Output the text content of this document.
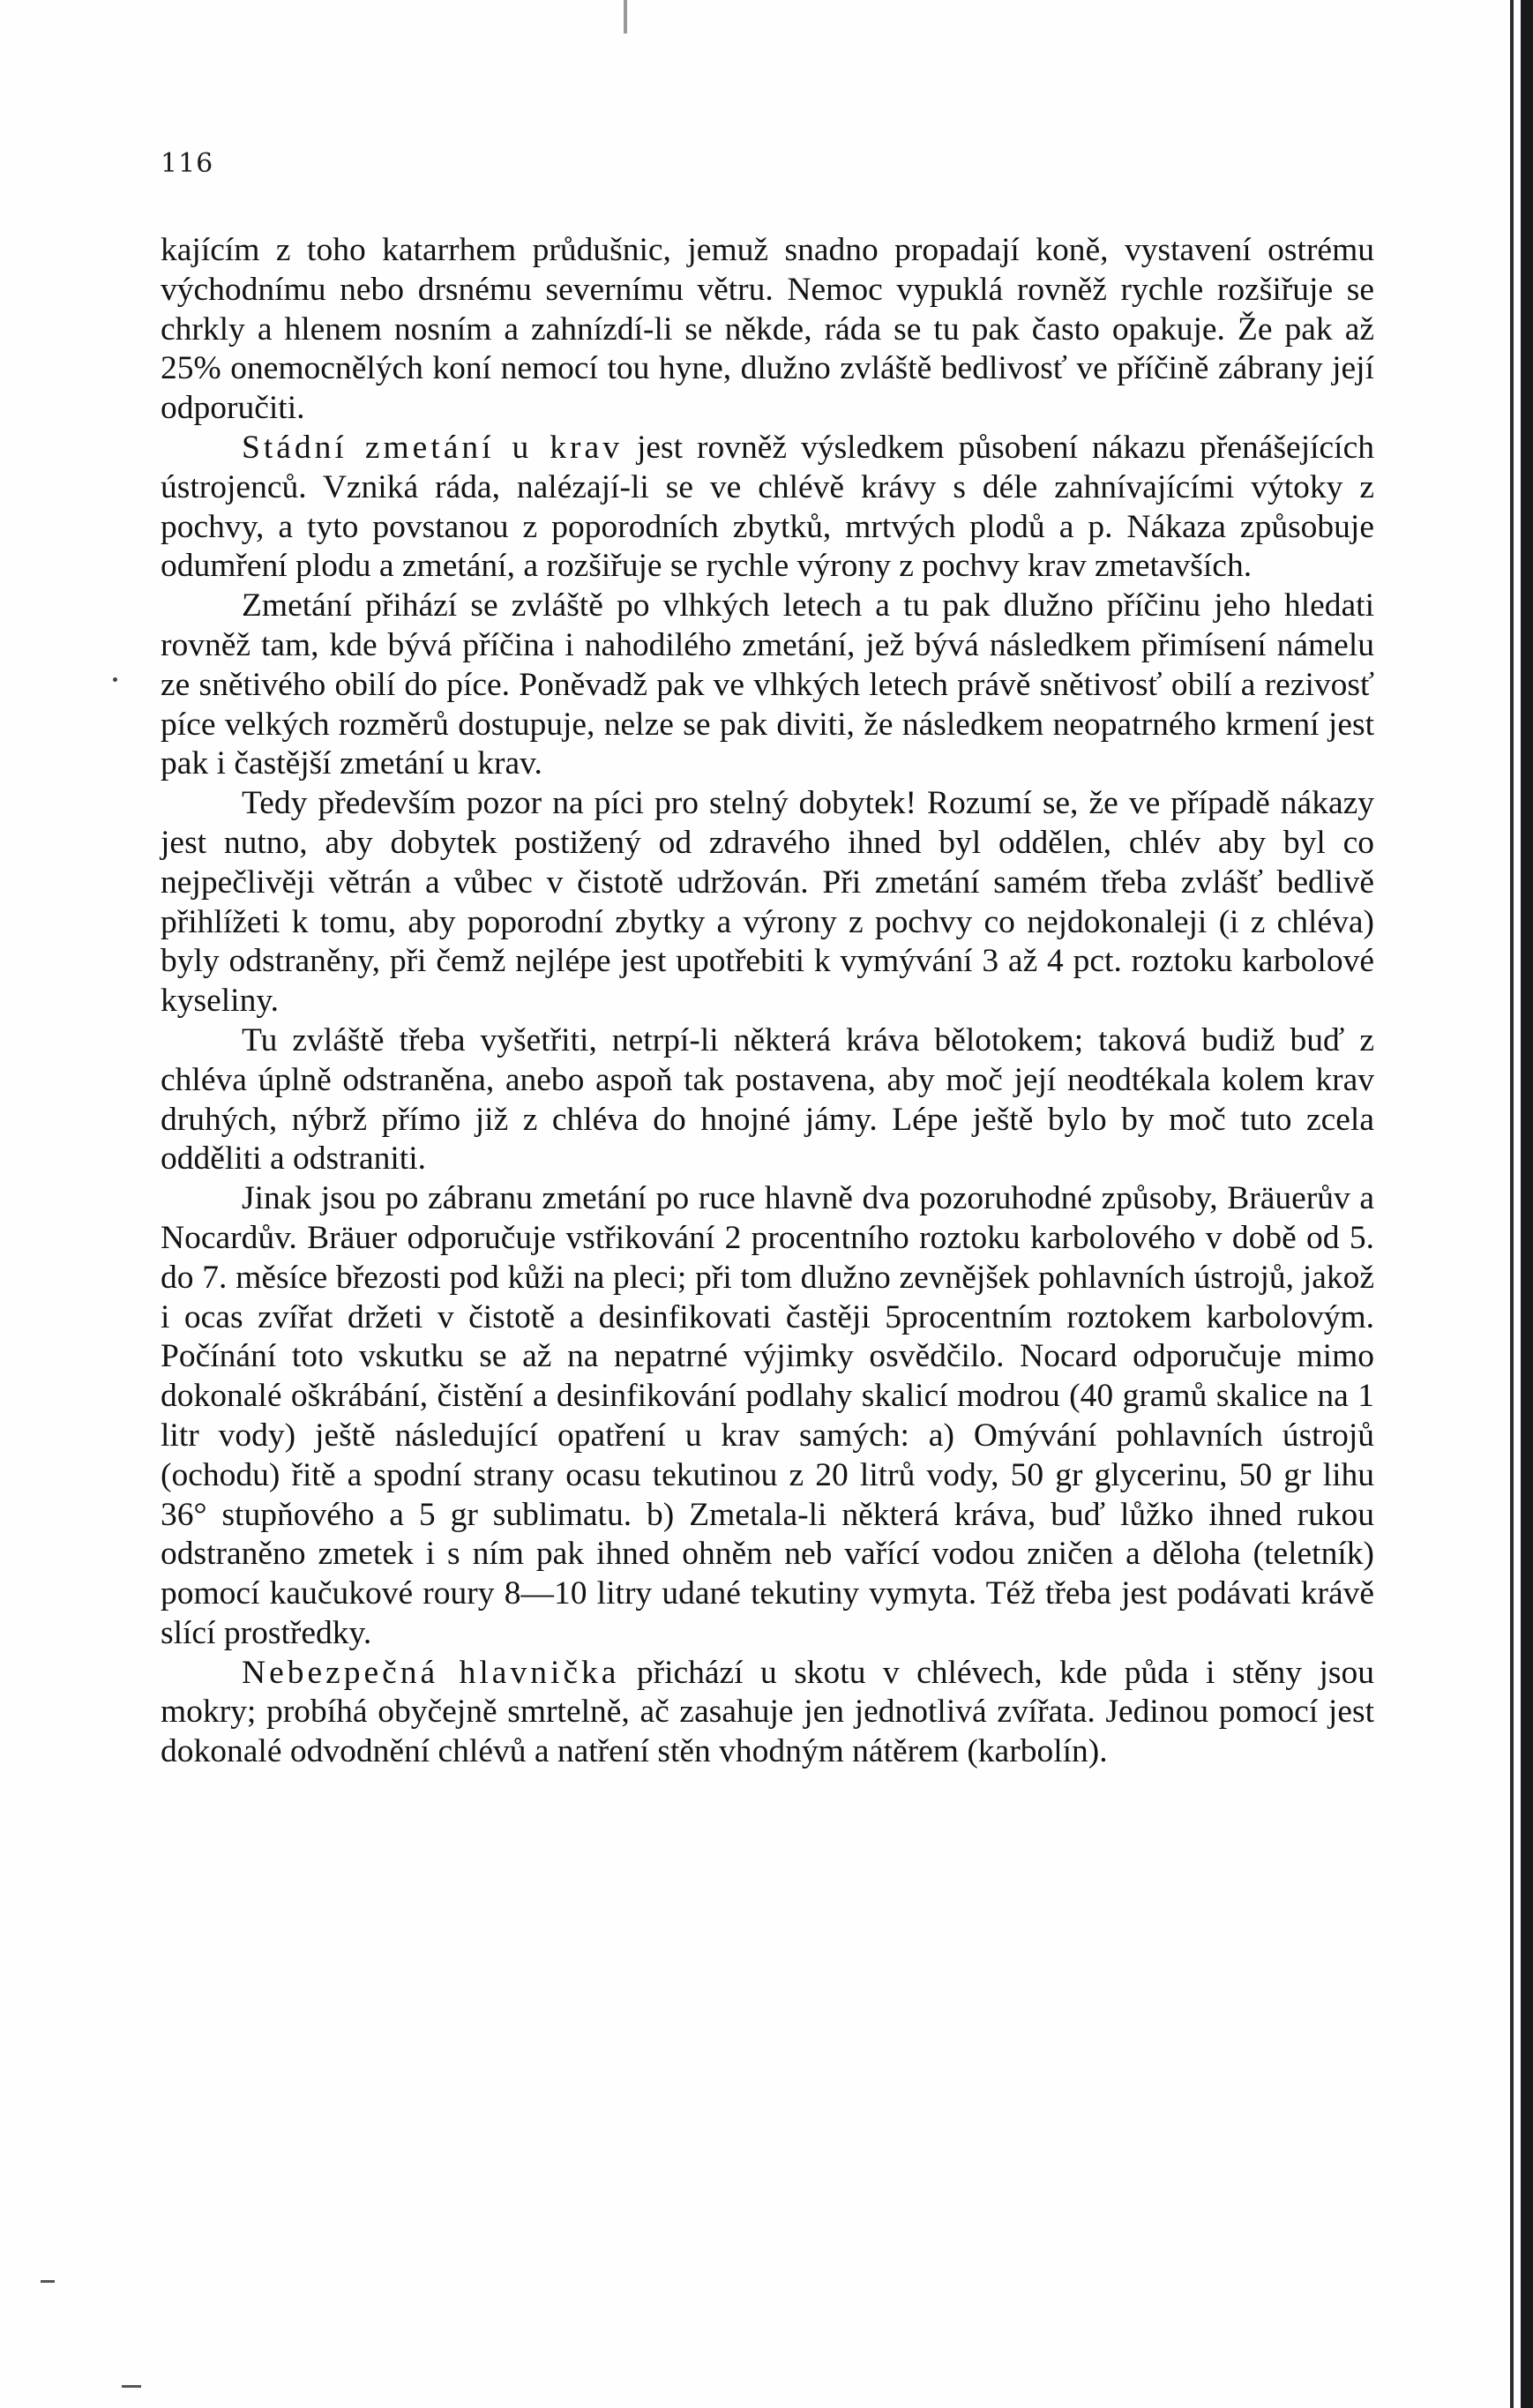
116

kajícím z toho katarrhem průdušnic, jemuž snadno propadají koně, vystavení ostrému východnímu nebo drsnému severnímu větru. Nemoc vypuklá rovněž rychle rozšiřuje se chrkly a hlenem nosním a zahnízdí-li se někde, ráda se tu pak často opakuje. Že pak až 25% onemocnělých koní nemocí tou hyne, dlužno zvláště bedlivosť ve příčině zábrany její odporučiti.

Stádní zmetání u krav jest rovněž výsledkem působení nákazu přenášejících ústrojenců. Vzniká ráda, nalézají-li se ve chlévě krávy s déle zahnívajícími výtoky z pochvy, a tyto povstanou z poporodních zbytků, mrtvých plodů a p. Nákaza způsobuje odumření plodu a zmetání, a rozšiřuje se rychle výrony z pochvy krav zmetavších.

Zmetání přihází se zvláště po vlhkých letech a tu pak dlužno příčinu jeho hledati rovněž tam, kde bývá příčina i nahodilého zmetání, jež bývá následkem přimísení námelu ze snětivého obilí do píce. Poněvadž pak ve vlhkých letech právě snětivosť obilí a rezivosť píce velkých rozměrů dostupuje, nelze se pak diviti, že následkem neopatrného krmení jest pak i častější zmetání u krav.

Tedy především pozor na píci pro stelný dobytek! Rozumí se, že ve případě nákazy jest nutno, aby dobytek postižený od zdravého ihned byl oddělen, chlév aby byl co nejpečlivěji větrán a vůbec v čistotě udržován. Při zmetání samém třeba zvlášť bedlivě přihlížeti k tomu, aby poporodní zbytky a výrony z pochvy co nejdokonaleji (i z chléva) byly odstraněny, při čemž nejlépe jest upotřebiti k vymývání 3 až 4 pct. roztoku karbolové kyseliny.

Tu zvláště třeba vyšetřiti, netrpí-li některá kráva bělotokem; taková budiž buď z chléva úplně odstraněna, anebo aspoň tak postavena, aby moč její neodtékala kolem krav druhých, nýbrž přímo již z chléva do hnojné jámy. Lépe ještě bylo by moč tuto zcela odděliti a odstraniti.

Jinak jsou po zábranu zmetání po ruce hlavně dva pozoruhodné způsoby, Bräuerův a Nocardův. Bräuer odporučuje vstřikování 2 procentního roztoku karbolového v době od 5. do 7. měsíce březosti pod kůži na pleci; při tom dlužno zevnějšek pohlavních ústrojů, jakož i ocas zvířat držeti v čistotě a desinfikovati častěji 5procentním roztokem karbolovým. Počínání toto vskutku se až na nepatrné výjimky osvědčilo. Nocard odporučuje mimo dokonalé oškrábání, čistění a desinfikování podlahy skalicí modrou (40 gramů skalice na 1 litr vody) ještě následující opatření u krav samých: a) Omývání pohlavních ústrojů (ochodu) řitě a spodní strany ocasu tekutinou z 20 litrů vody, 50 gr glycerinu, 50 gr lihu 36° stupňového a 5 gr sublimatu. b) Zmetala-li některá kráva, buď lůžko ihned rukou odstraněno zmetek i s ním pak ihned ohněm neb vařící vodou zničen a děloha (teletník) pomocí kaučukové roury 8—10 litry udané tekutiny vymyta. Též třeba jest podávati krávě slící prostředky.

Nebezpečná hlavnička přichází u skotu v chlévech, kde půda i stěny jsou mokry; probíhá obyčejně smrtelně, ač zasahuje jen jednotlivá zvířata. Jedinou pomocí jest dokonalé odvodnění chlévů a natření stěn vhodným nátěrem (karbolín).
